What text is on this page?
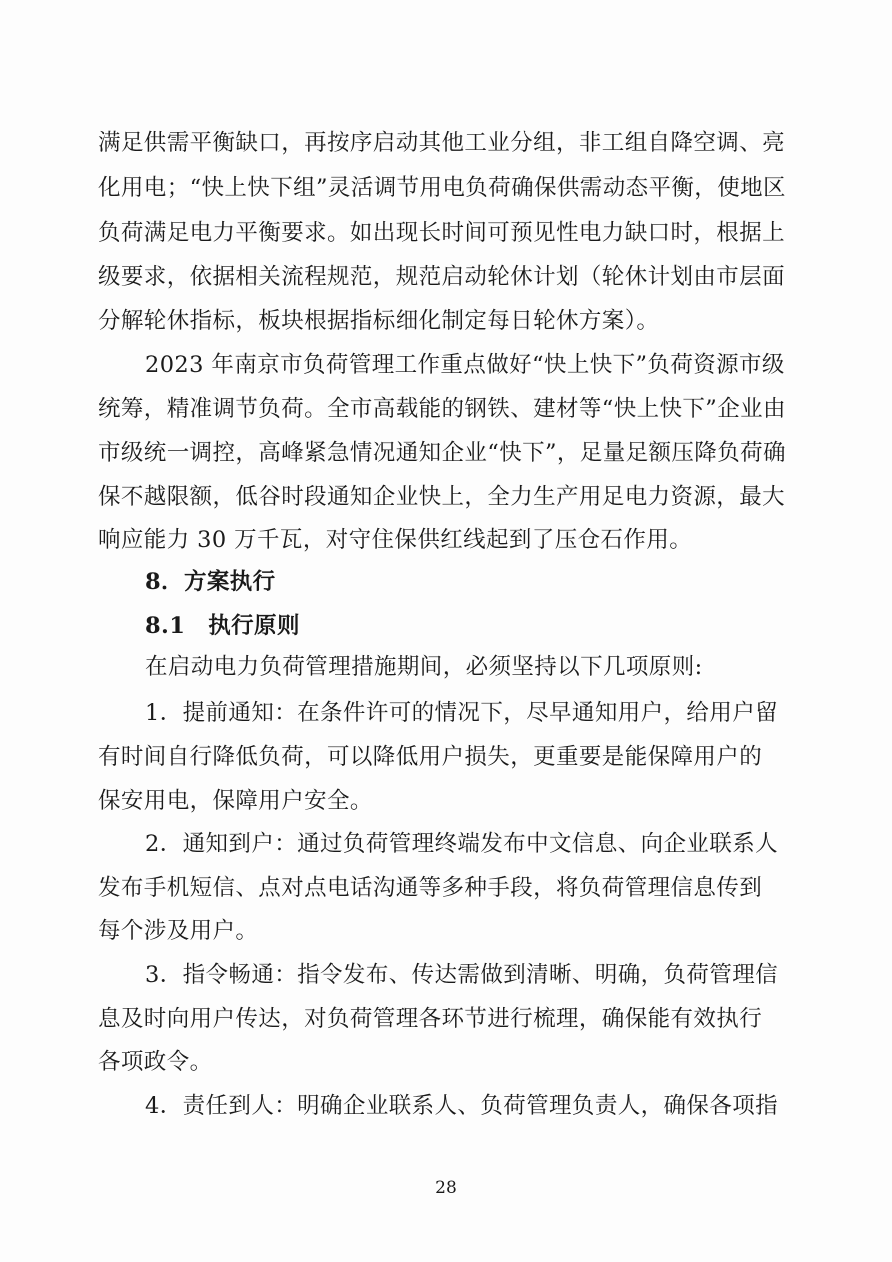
满足供需平衡缺口，再按序启动其他工业分组，非工组自降空调、亮
化用电；“快上快下组”灵活调节用电负荷确保供需动态平衡，使地区
负荷满足电力平衡要求。如出现长时间可预见性电力缺口时，根据上
级要求，依据相关流程规范，规范启动轮休计划（轮休计划由市层面
分解轮休指标，板块根据指标细化制定每日轮休方案）。
2023 年南京市负荷管理工作重点做好“快上快下”负荷资源市级
统筹，精准调节负荷。全市高载能的钢铁、建材等“快上快下”企业由
市级统一调控，高峰紧急情况通知企业“快下”，足量足额压降负荷确
保不越限额，低谷时段通知企业快上，全力生产用足电力资源，最大
响应能力 30 万千瓦，对守住保供红线起到了压仓石作用。
8．方案执行
8.1　执行原则
在启动电力负荷管理措施期间，必须坚持以下几项原则:
1．提前通知：在条件许可的情况下，尽早通知用户，给用户留
有时间自行降低负荷，可以降低用户损失，更重要是能保障用户的
保安用电，保障用户安全。
2．通知到户：通过负荷管理终端发布中文信息、向企业联系人
发布手机短信、点对点电话沟通等多种手段，将负荷管理信息传到
每个涉及用户。
3．指令畅通：指令发布、传达需做到清晰、明确，负荷管理信
息及时向用户传达，对负荷管理各环节进行梳理，确保能有效执行
各项政令。
4．责任到人：明确企业联系人、负荷管理负责人，确保各项指
28
